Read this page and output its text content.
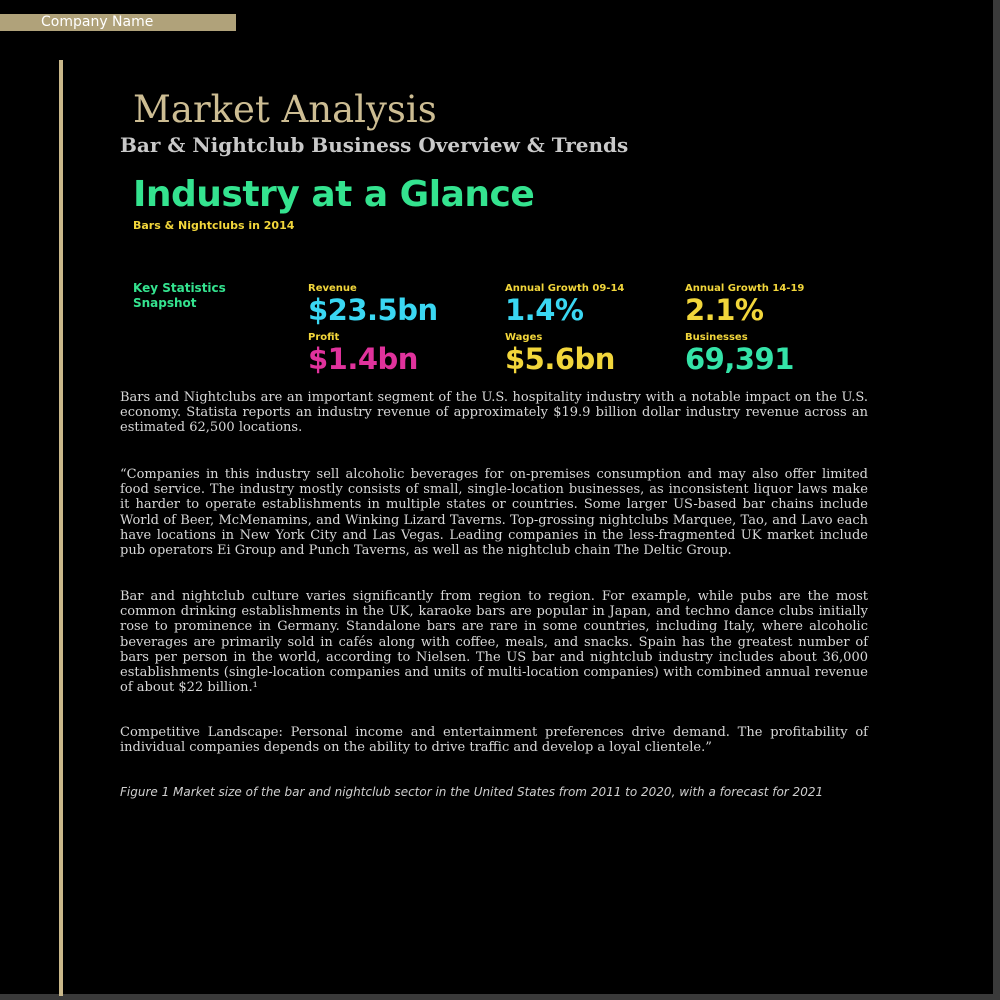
Company Name
Market Analysis
Bar & Nightclub Business Overview & Trends
Industry at a Glance
Bars & Nightclubs in 2014
Key Statistics Snapshot
Revenue
$23.5bn
Annual Growth 09-14
1.4%
Annual Growth 14-19
2.1%
Profit
$1.4bn
Wages
$5.6bn
Businesses
69,391

Bars and Nightclubs are an important segment of the U.S. hospitality industry with a notable impact on the U.S. economy. Statista reports an industry revenue of approximately $19.9 billion dollar industry revenue across an estimated 62,500 locations.

“Companies in this industry sell alcoholic beverages for on-premises consumption and may also offer limited food service. The industry mostly consists of small, single-location businesses, as inconsistent liquor laws make it harder to operate establishments in multiple states or countries. Some larger US-based bar chains include World of Beer, McMenamins, and Winking Lizard Taverns. Top-grossing nightclubs Marquee, Tao, and Lavo each have locations in New York City and Las Vegas. Leading companies in the less-fragmented UK market include pub operators Ei Group and Punch Taverns, as well as the nightclub chain The Deltic Group.

Bar and nightclub culture varies significantly from region to region. For example, while pubs are the most common drinking establishments in the UK, karaoke bars are popular in Japan, and techno dance clubs initially rose to prominence in Germany. Standalone bars are rare in some countries, including Italy, where alcoholic beverages are primarily sold in cafés along with coffee, meals, and snacks. Spain has the greatest number of bars per person in the world, according to Nielsen. The US bar and nightclub industry includes about 36,000 establishments (single-location companies and units of multi-location companies) with combined annual revenue of about $22 billion.¹

Competitive Landscape: Personal income and entertainment preferences drive demand. The profitability of individual companies depends on the ability to drive traffic and develop a loyal clientele.”

Figure 1 Market size of the bar and nightclub sector in the United States from 2011 to 2020, with a forecast for 2021
